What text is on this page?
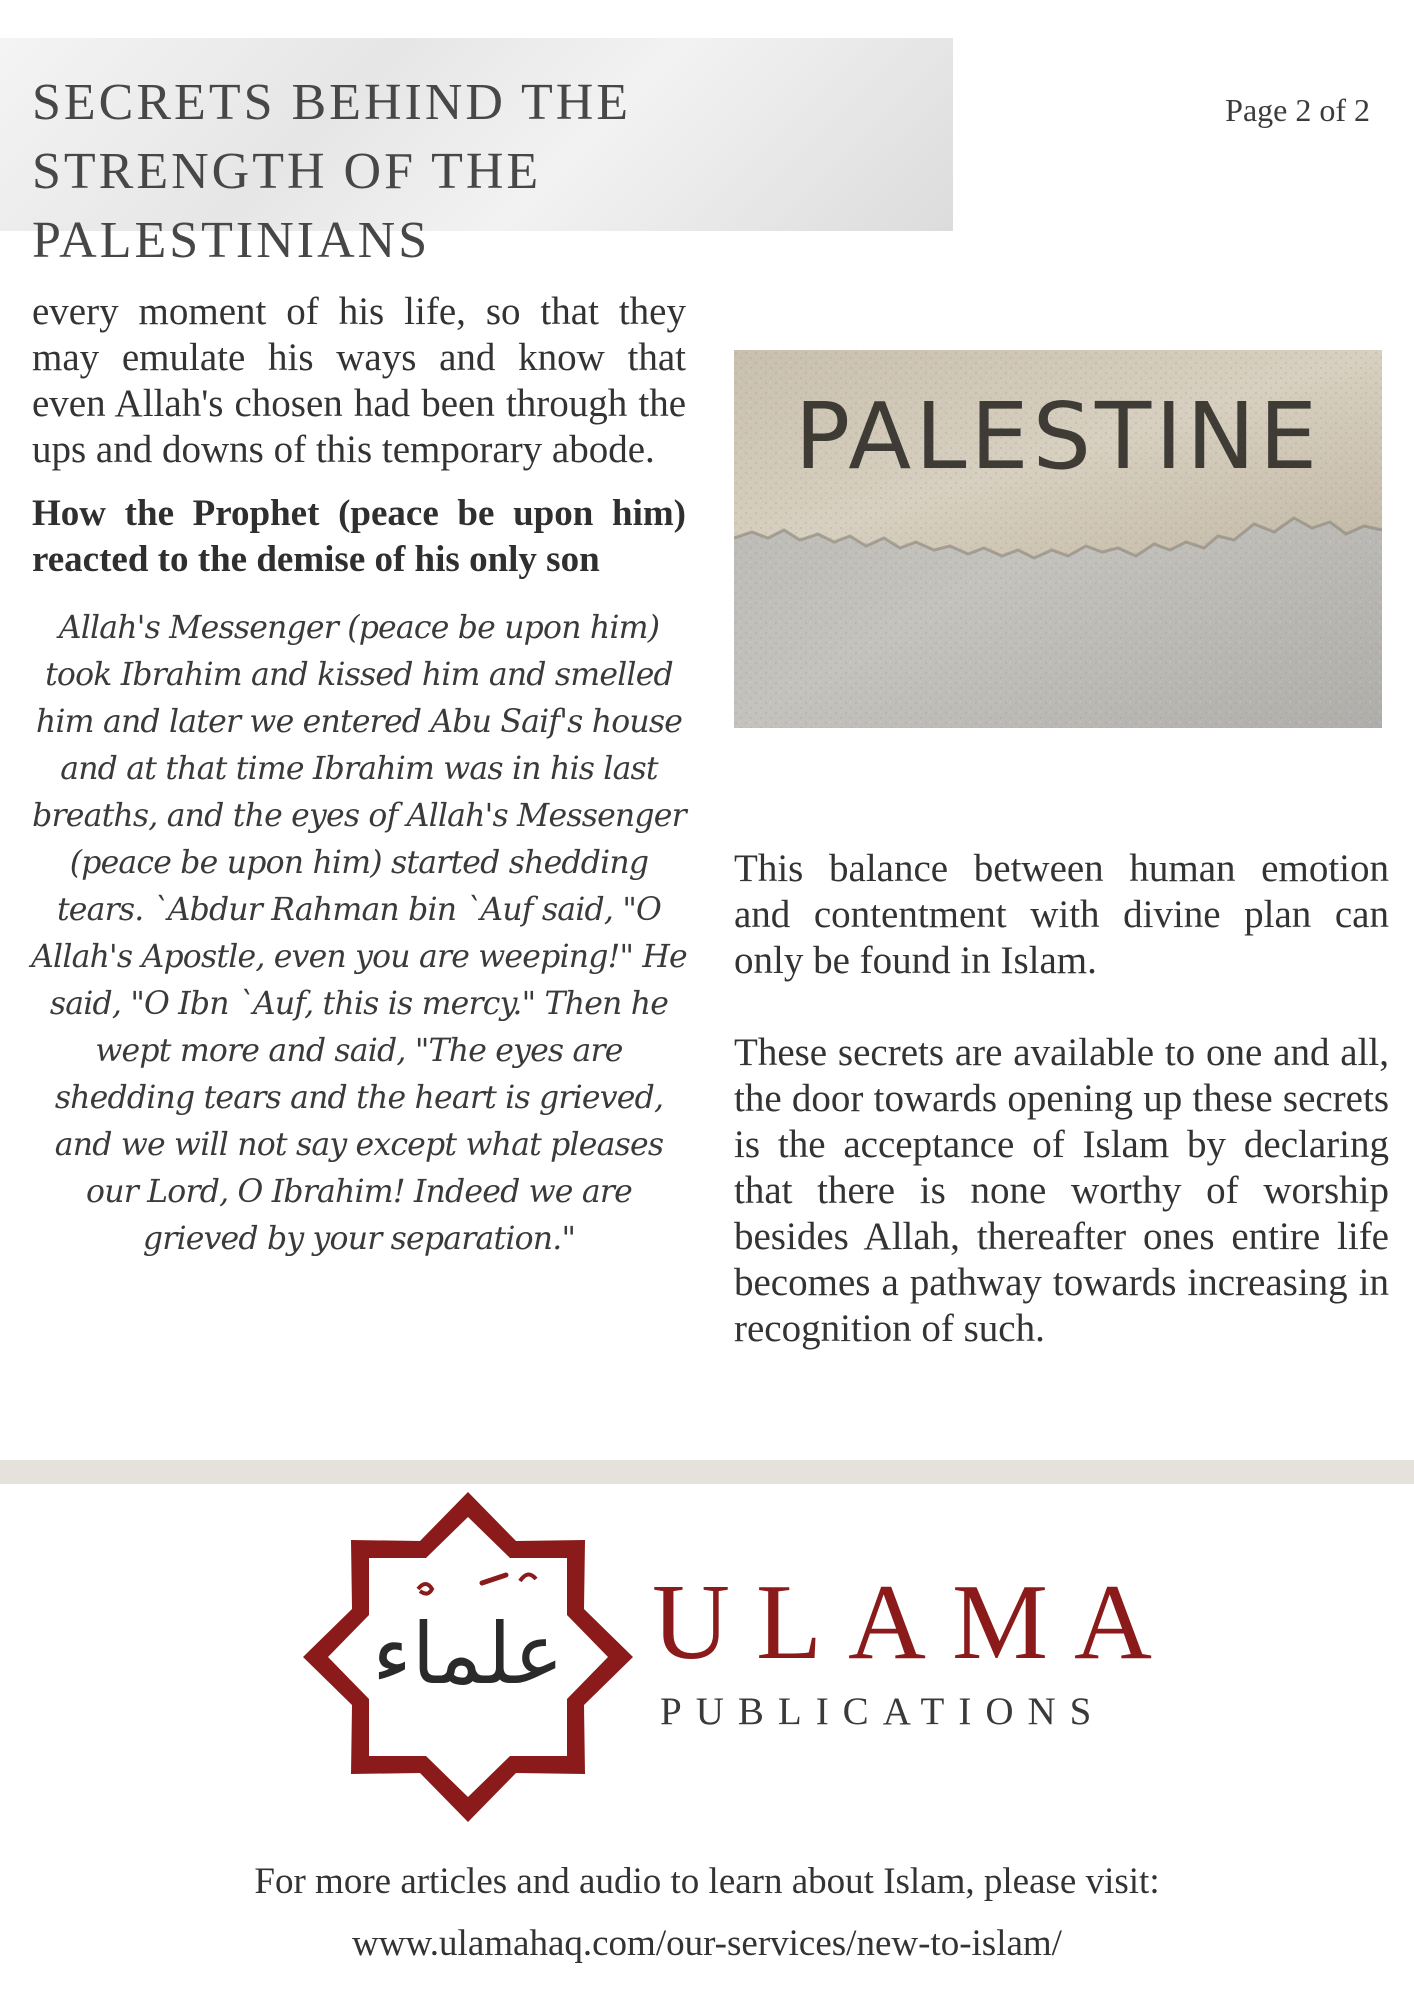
SECRETS BEHIND THE STRENGTH OF THE PALESTINIANS
Page 2 of 2

every moment of his life, so that they may emulate his ways and know that even Allah's chosen had been through the ups and downs of this temporary abode.

How the Prophet (peace be upon him) reacted to the demise of his only son

Allah's Messenger (peace be upon him) took Ibrahim and kissed him and smelled him and later we entered Abu Saif's house and at that time Ibrahim was in his last breaths, and the eyes of Allah's Messenger (peace be upon him) started shedding tears. `Abdur Rahman bin `Auf said, "O Allah's Apostle, even you are weeping!" He said, "O Ibn `Auf, this is mercy." Then he wept more and said, "The eyes are shedding tears and the heart is grieved, and we will not say except what pleases our Lord, O Ibrahim! Indeed we are grieved by your separation."

PALESTINE

This balance between human emotion and contentment with divine plan can only be found in Islam.

These secrets are available to one and all, the door towards opening up these secrets is the acceptance of Islam by declaring that there is none worthy of worship besides Allah, thereafter ones entire life becomes a pathway towards increasing in recognition of such.

علماء ULAMA
PUBLICATIONS
For more articles and audio to learn about Islam, please visit:
www.ulamahaq.com/our-services/new-to-islam/
